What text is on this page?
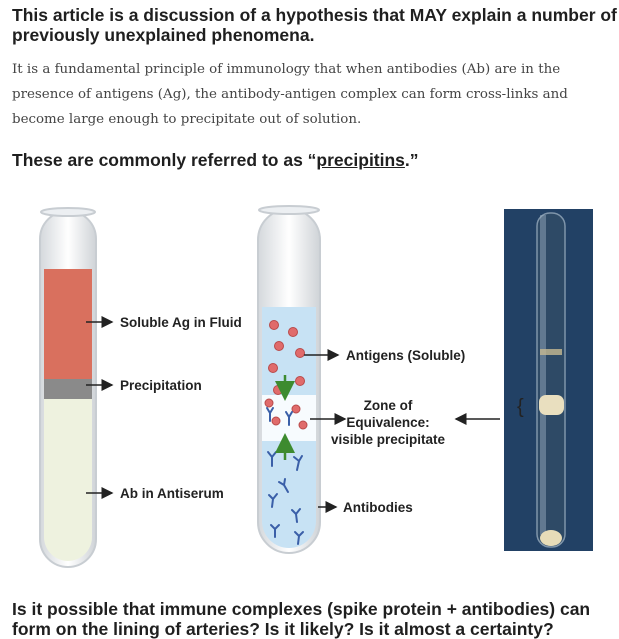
This article is a discussion of a hypothesis that MAY explain a number of previously unexplained phenomena.
It is a fundamental principle of immunology that when antibodies (Ab) are in the presence of antigens (Ag), the antibody-antigen complex can form cross-links and become large enough to precipitate out of solution.
These are commonly referred to as “precipitins.”
Soluble Ag in Fluid
Precipitation
Ab in Antiserum
Antigens (Soluble)
Zone of
Equivalence:
visible precipitate
Antibodies
{
Is it possible that immune complexes (spike protein + antibodies) can form on the lining of arteries? Is it likely? Is it almost a certainty?
